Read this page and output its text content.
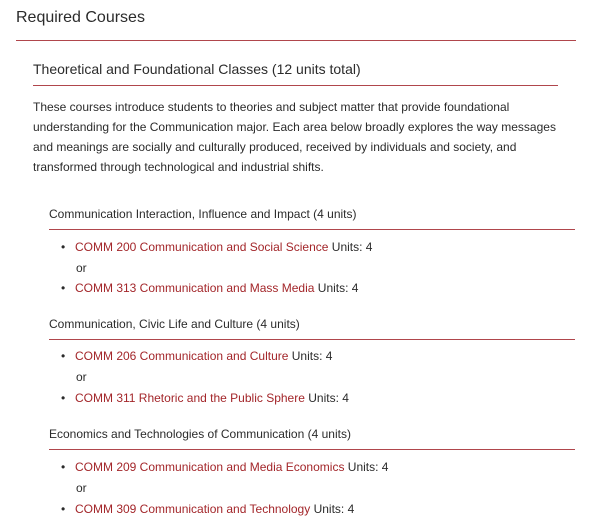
Required Courses
Theoretical and Foundational Classes (12 units total)
These courses introduce students to theories and subject matter that provide foundational understanding for the Communication major. Each area below broadly explores the way messages and meanings are socially and culturally produced, received by individuals and society, and transformed through technological and industrial shifts.
Communication Interaction, Influence and Impact (4 units)
• COMM 200 Communication and Social Science Units: 4
or
• COMM 313 Communication and Mass Media Units: 4
Communication, Civic Life and Culture (4 units)
• COMM 206 Communication and Culture Units: 4
or
• COMM 311 Rhetoric and the Public Sphere Units: 4
Economics and Technologies of Communication (4 units)
• COMM 209 Communication and Media Economics Units: 4
or
• COMM 309 Communication and Technology Units: 4
